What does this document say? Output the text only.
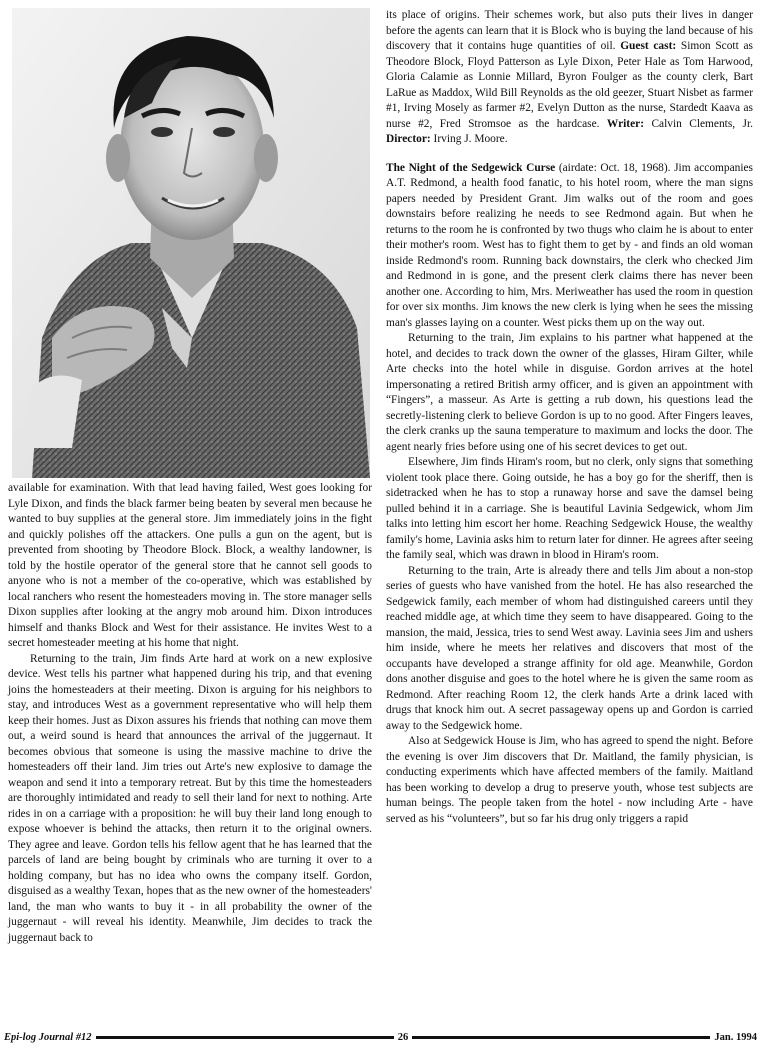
available for examination. With that lead having failed, West goes looking for Lyle Dixon, and finds the black farmer being beaten by several men because he wanted to buy supplies at the general store. Jim immediately joins in the fight and quickly polishes off the attackers. One pulls a gun on the agent, but is prevented from shooting by Theodore Block. Block, a wealthy landowner, is told by the hostile operator of the general store that he cannot sell goods to anyone who is not a member of the co-operative, which was established by local ranchers who resent the homesteaders moving in. The store manager sells Dixon supplies after looking at the angry mob around him. Dixon introduces himself and thanks Block and West for their assistance. He invites West to a secret homesteader meeting at his home that night.

Returning to the train, Jim finds Arte hard at work on a new explosive device. West tells his partner what happened during his trip, and that evening joins the homesteaders at their meeting. Dixon is arguing for his neighbors to stay, and introduces West as a government representative who will help them keep their homes. Just as Dixon assures his friends that nothing can move them out, a weird sound is heard that announces the arrival of the juggernaut. It becomes obvious that someone is using the massive machine to drive the homesteaders off their land. Jim tries out Arte's new explosive to damage the weapon and send it into a temporary retreat. But by this time the homesteaders are thoroughly intimidated and ready to sell their land for next to nothing. Arte rides in on a carriage with a proposition: he will buy their land long enough to expose whoever is behind the attacks, then return it to the original owners. They agree and leave. Gordon tells his fellow agent that he has learned that the parcels of land are being bought by criminals who are turning it over to a holding company, but has no idea who owns the company itself. Gordon, disguised as a wealthy Texan, hopes that as the new owner of the homesteaders' land, the man who wants to buy it - in all probability the owner of the juggernaut - will reveal his identity. Meanwhile, Jim decides to track the juggernaut back to

its place of origins. Their schemes work, but also puts their lives in danger before the agents can learn that it is Block who is buying the land because of his discovery that it contains huge quantities of oil. Guest cast: Simon Scott as Theodore Block, Floyd Patterson as Lyle Dixon, Peter Hale as Tom Harwood, Gloria Calamie as Lonnie Millard, Byron Foulger as the county clerk, Bart LaRue as Maddox, Wild Bill Reynolds as the old geezer, Stuart Nisbet as farmer #1, Irving Mosely as farmer #2, Evelyn Dutton as the nurse, Stardedt Kaava as nurse #2, Fred Stromsoe as the hardcase. Writer: Calvin Clements, Jr. Director: Irving J. Moore.

The Night of the Sedgewick Curse (airdate: Oct. 18, 1968). Jim accompanies A.T. Redmond, a health food fanatic, to his hotel room, where the man signs papers needed by President Grant. Jim walks out of the room and goes downstairs before realizing he needs to see Redmond again. But when he returns to the room he is confronted by two thugs who claim he is about to enter their mother's room. West has to fight them to get by - and finds an old woman inside Redmond's room. Running back downstairs, the clerk who checked Jim and Redmond in is gone, and the present clerk claims there has never been another one. According to him, Mrs. Meriweather has used the room in question for over six months. Jim knows the new clerk is lying when he sees the missing man's glasses laying on a counter. West picks them up on the way out.

Returning to the train, Jim explains to his partner what happened at the hotel, and decides to track down the owner of the glasses, Hiram Gilter, while Arte checks into the hotel while in disguise. Gordon arrives at the hotel impersonating a retired British army officer, and is given an appointment with “Fingers”, a masseur. As Arte is getting a rub down, his questions lead the secretly-listening clerk to believe Gordon is up to no good. After Fingers leaves, the clerk cranks up the sauna temperature to maximum and locks the door. The agent nearly fries before using one of his secret devices to get out.

Elsewhere, Jim finds Hiram's room, but no clerk, only signs that something violent took place there. Going outside, he has a boy go for the sheriff, then is sidetracked when he has to stop a runaway horse and save the damsel being pulled behind it in a carriage. She is beautiful Lavinia Sedgewick, whom Jim talks into letting him escort her home. Reaching Sedgewick House, the wealthy family's home, Lavinia asks him to return later for dinner. He agrees after seeing the family seal, which was drawn in blood in Hiram's room.

Returning to the train, Arte is already there and tells Jim about a non-stop series of guests who have vanished from the hotel. He has also researched the Sedgewick family, each member of whom had distinguished careers until they reached middle age, at which time they seem to have disappeared. Going to the mansion, the maid, Jessica, tries to send West away. Lavinia sees Jim and ushers him inside, where he meets her relatives and discovers that most of the occupants have developed a strange affinity for old age. Meanwhile, Gordon dons another disguise and goes to the hotel where he is given the same room as Redmond. After reaching Room 12, the clerk hands Arte a drink laced with drugs that knock him out. A secret passageway opens up and Gordon is carried away to the Sedgewick home.

Also at Sedgewick House is Jim, who has agreed to spend the night. Before the evening is over Jim discovers that Dr. Maitland, the family physician, is conducting experiments which have affected members of the family. Maitland has been working to develop a drug to preserve youth, whose test subjects are human beings. The people taken from the hotel - now including Arte - have served as his “volunteers”, but so far his drug only triggers a rapid

Epi-log Journal #12	26	Jan. 1994
